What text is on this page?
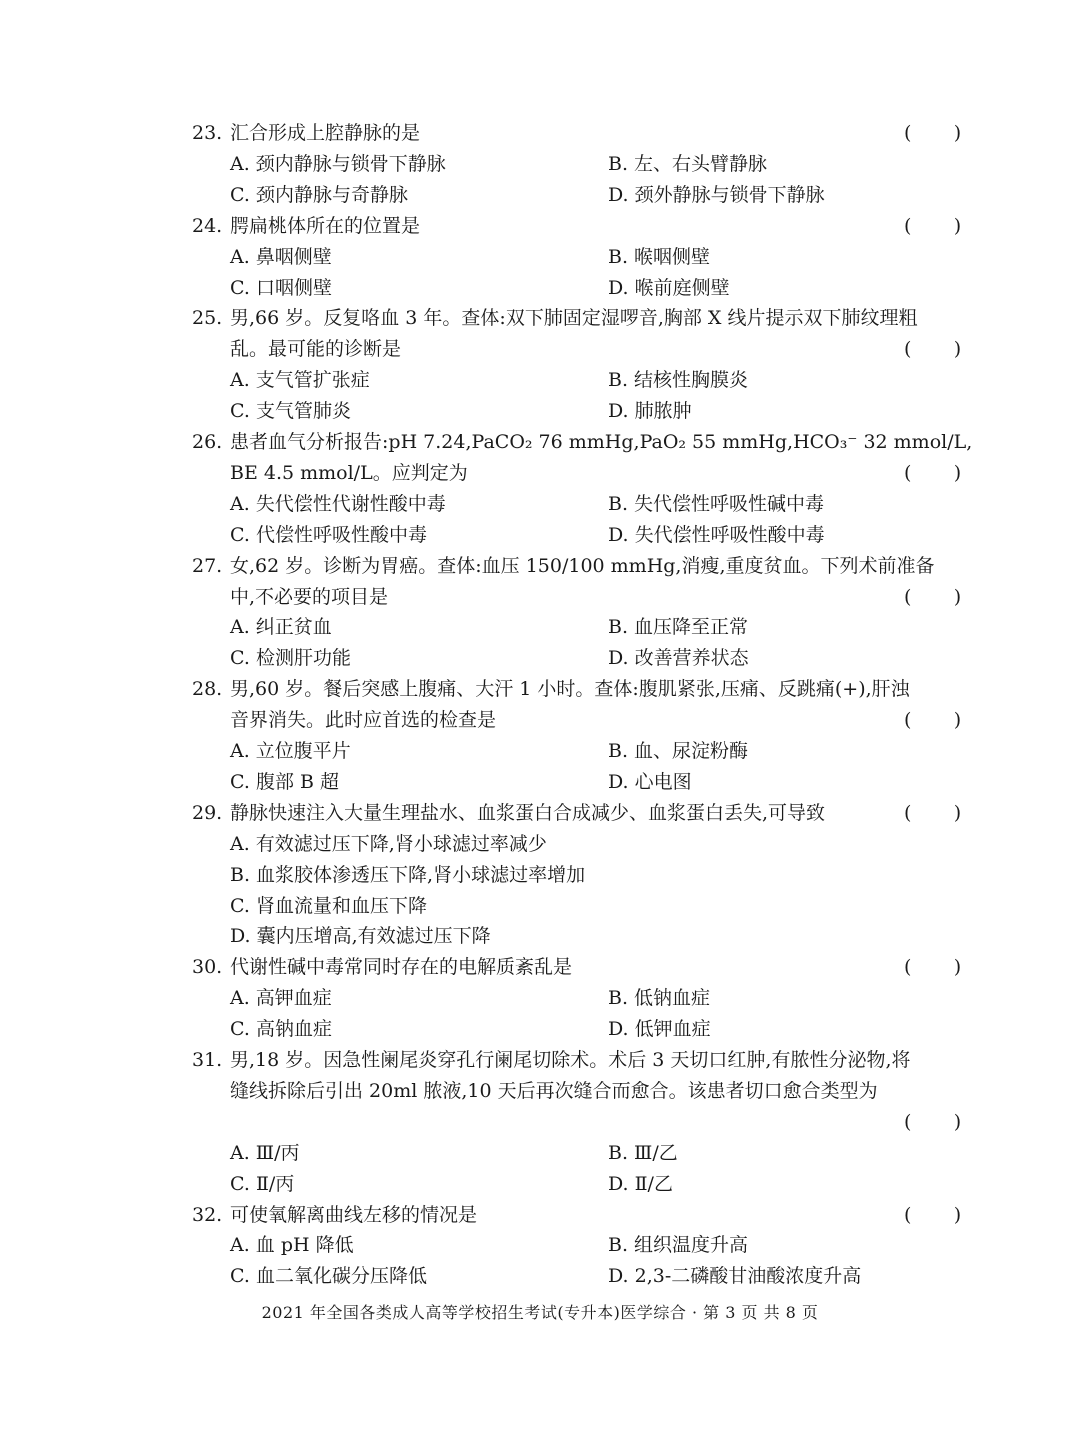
23. 汇合形成上腔静脉的是	(       )
A. 颈内静脉与锁骨下静脉	B. 左、右头臂静脉
C. 颈内静脉与奇静脉	D. 颈外静脉与锁骨下静脉
24. 腭扁桃体所在的位置是	(       )
A. 鼻咽侧壁	B. 喉咽侧壁
C. 口咽侧壁	D. 喉前庭侧壁
25. 男,66 岁。反复咯血 3 年。查体:双下肺固定湿啰音,胸部 X 线片提示双下肺纹理粗
乱。最可能的诊断是	(       )
A. 支气管扩张症	B. 结核性胸膜炎
C. 支气管肺炎	D. 肺脓肿
26. 患者血气分析报告:pH 7.24,PaCO₂ 76 mmHg,PaO₂ 55 mmHg,HCO₃⁻ 32 mmol/L,
BE 4.5 mmol/L。应判定为	(       )
A. 失代偿性代谢性酸中毒	B. 失代偿性呼吸性碱中毒
C. 代偿性呼吸性酸中毒	D. 失代偿性呼吸性酸中毒
27. 女,62 岁。诊断为胃癌。查体:血压 150/100 mmHg,消瘦,重度贫血。下列术前准备
中,不必要的项目是	(       )
A. 纠正贫血	B. 血压降至正常
C. 检测肝功能	D. 改善营养状态
28. 男,60 岁。餐后突感上腹痛、大汗 1 小时。查体:腹肌紧张,压痛、反跳痛(+),肝浊
音界消失。此时应首选的检查是	(       )
A. 立位腹平片	B. 血、尿淀粉酶
C. 腹部 B 超	D. 心电图
29. 静脉快速注入大量生理盐水、血浆蛋白合成减少、血浆蛋白丢失,可导致	(       )
A. 有效滤过压下降,肾小球滤过率减少
B. 血浆胶体渗透压下降,肾小球滤过率增加
C. 肾血流量和血压下降
D. 囊内压增高,有效滤过压下降
30. 代谢性碱中毒常同时存在的电解质紊乱是	(       )
A. 高钾血症	B. 低钠血症
C. 高钠血症	D. 低钾血症
31. 男,18 岁。因急性阑尾炎穿孔行阑尾切除术。术后 3 天切口红肿,有脓性分泌物,将
缝线拆除后引出 20ml 脓液,10 天后再次缝合而愈合。该患者切口愈合类型为
(       )
A. Ⅲ/丙	B. Ⅲ/乙
C. Ⅱ/丙	D. Ⅱ/乙
32. 可使氧解离曲线左移的情况是	(       )
A. 血 pH 降低	B. 组织温度升高
C. 血二氧化碳分压降低	D. 2,3-二磷酸甘油酸浓度升高
2021 年全国各类成人高等学校招生考试(专升本)医学综合 · 第 3 页 共 8 页
